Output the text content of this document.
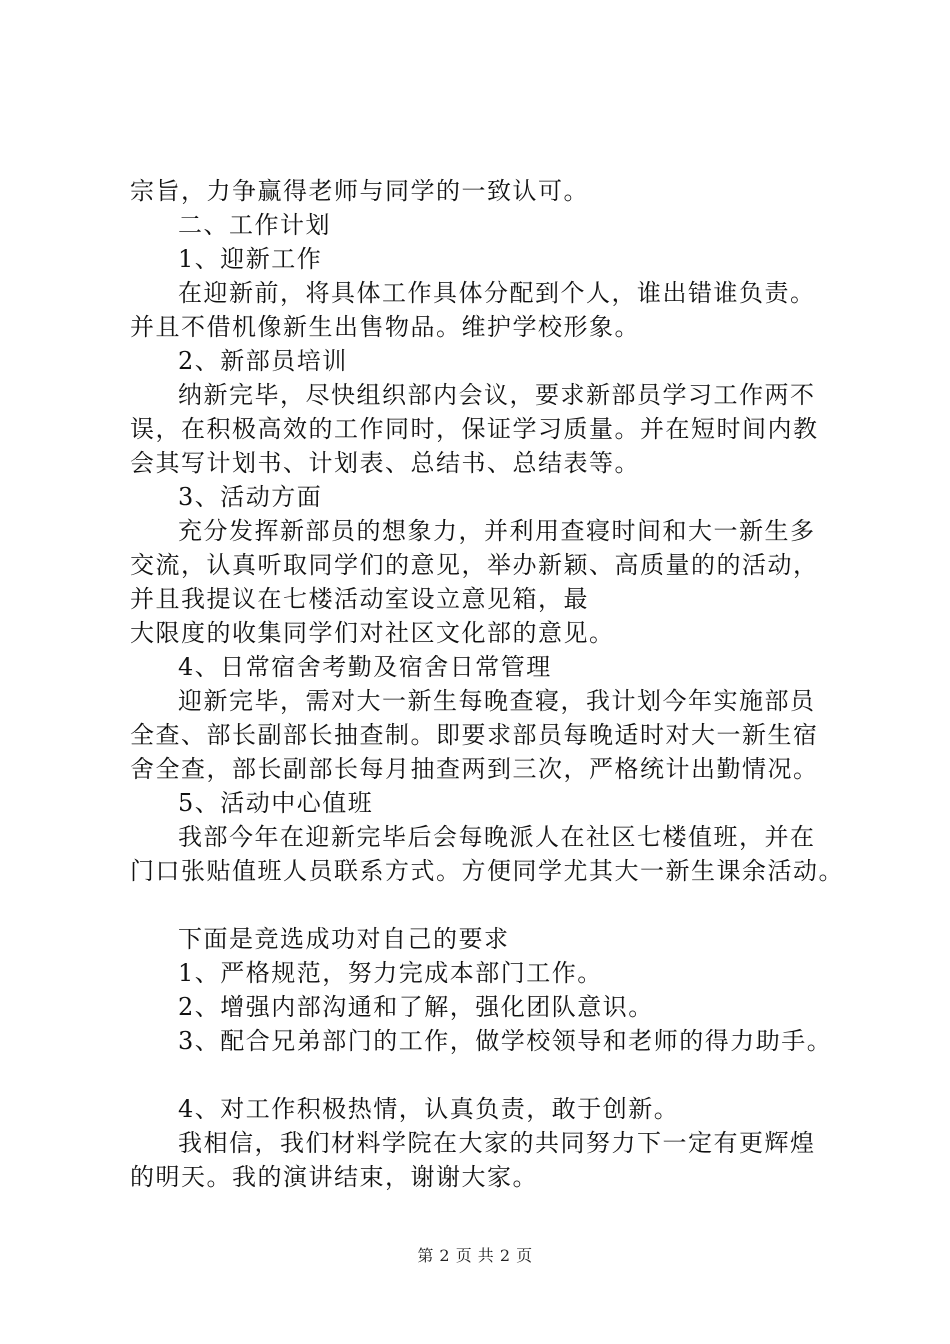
宗旨，力争赢得老师与同学的一致认可。
二、工作计划
1、迎新工作
在迎新前，将具体工作具体分配到个人，谁出错谁负责。
并且不借机像新生出售物品。维护学校形象。
2、新部员培训
纳新完毕，尽快组织部内会议，要求新部员学习工作两不
误，在积极高效的工作同时，保证学习质量。并在短时间内教
会其写计划书、计划表、总结书、总结表等。
3、活动方面
充分发挥新部员的想象力，并利用查寝时间和大一新生多
交流，认真听取同学们的意见，举办新颖、高质量的的活动，
并且我提议在七楼活动室设立意见箱，最
大限度的收集同学们对社区文化部的意见。
4、日常宿舍考勤及宿舍日常管理
迎新完毕，需对大一新生每晚查寝，我计划今年实施部员
全查、部长副部长抽查制。即要求部员每晚适时对大一新生宿
舍全查，部长副部长每月抽查两到三次，严格统计出勤情况。
5、活动中心值班
我部今年在迎新完毕后会每晚派人在社区七楼值班，并在
门口张贴值班人员联系方式。方便同学尤其大一新生课余活动。
下面是竞选成功对自己的要求
1、严格规范，努力完成本部门工作。
2、增强内部沟通和了解，强化团队意识。
3、配合兄弟部门的工作，做学校领导和老师的得力助手。
4、对工作积极热情，认真负责，敢于创新。
我相信，我们材料学院在大家的共同努力下一定有更辉煌
的明天。我的演讲结束，谢谢大家。
第 2 页 共 2 页
